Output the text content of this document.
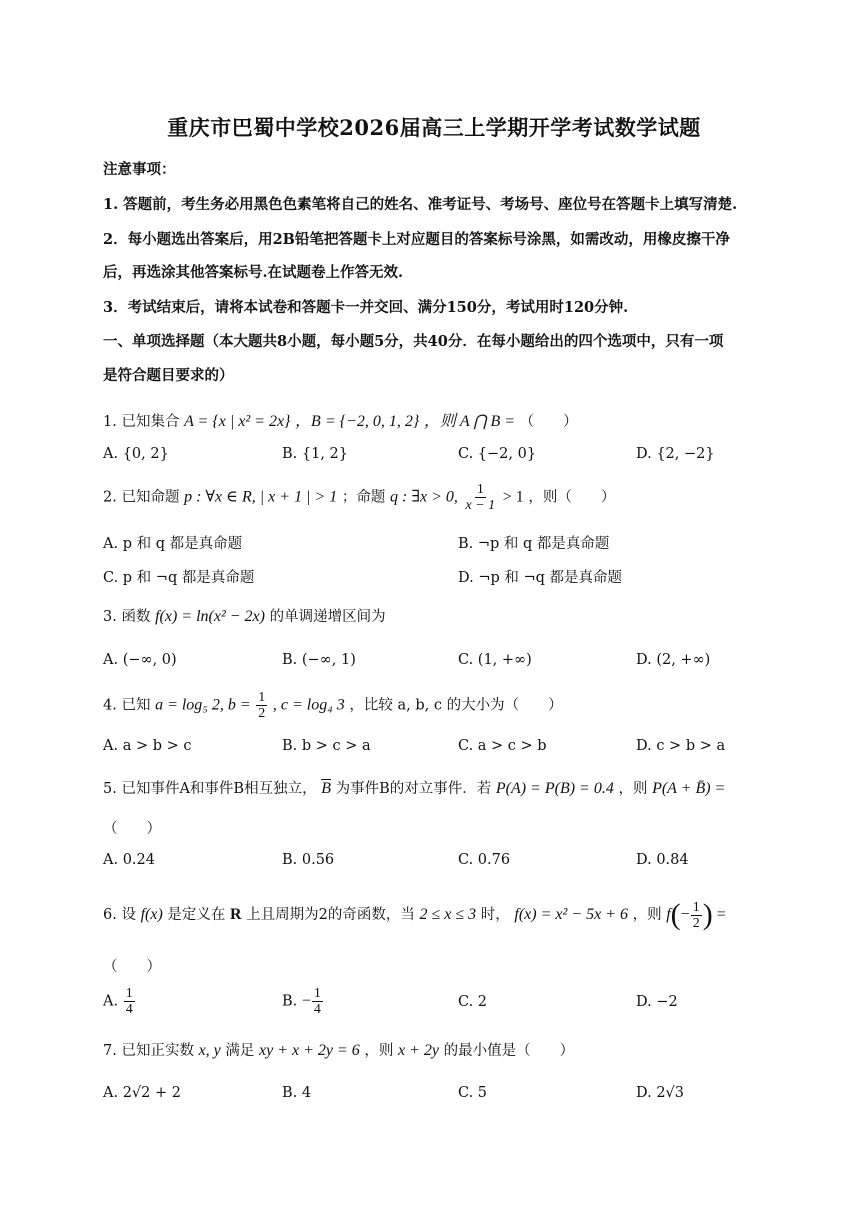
重庆市巴蜀中学校2026届高三上学期开学考试数学试题
注意事项：
1. 答题前，考生务必用黑色色素笔将自己的姓名、准考证号、考场号、座位号在答题卡上填写清楚.
2．每小题选出答案后，用2B铅笔把答题卡上对应题目的答案标号涂黑，如需改动，用橡皮擦干净
后，再选涂其他答案标号.在试题卷上作答无效.
3．考试结束后，请将本试卷和答题卡一并交回、满分150分，考试用时120分钟.
一、单项选择题（本大题共8小题，每小题5分，共40分．在每小题给出的四个选项中，只有一项
是符合题目要求的）
1. 已知集合 A = {x | x² = 2x} ，B = {−2, 0, 1, 2} ，则 A ⋂ B = （　　）
A. {0, 2}	B. {1, 2}	C. {−2, 0}	D. {2, −2}
2. 已知命题 p : ∀x ∈ R, | x + 1 | > 1 ；命题 q : ∃x > 0, $\frac{1}{x - 1} > 1$ ，则（　　）
A. p 和 q 都是真命题	B. ¬p 和 q 都是真命题
C. p 和 ¬q 都是真命题	D. ¬p 和 ¬q 都是真命题
3. 函数 f(x) = ln(x² − 2x) 的单调递增区间为
A. (−∞, 0)	B. (−∞, 1)	C. (1, +∞)	D. (2, +∞)
4. 已知 a = log₅ 2, $b = \frac{1}{2}$ , c = log₄ 3 ，比较 a, b, c 的大小为（　　）
A. a > b > c	B. b > c > a	C. a > c > b	D. c > b > a
5. 已知事件A和事件B相互独立， $\overline{B}$ 为事件B的对立事件．若 P(A) = P(B) = 0.4 ，则 P(A + B̄) =
（　　）
A. 0.24	B. 0.56	C. 0.76	D. 0.84
6. 设 f(x) 是定义在 R 上且周期为2的奇函数，当 2 ≤ x ≤ 3 时， f(x) = x² − 5x + 6 ，则 $f(- \frac{1}{2}$ ) =
（　　）
A. $\frac{1}{4}$	B. − $\frac{1}{4}$	C. 2	D. −2
7. 已知正实数 x, y 满足 xy + x + 2y = 6 ，则 x + 2y 的最小值是（　　）
A. 2√2 + 2	B. 4	C. 5	D. 2√3
